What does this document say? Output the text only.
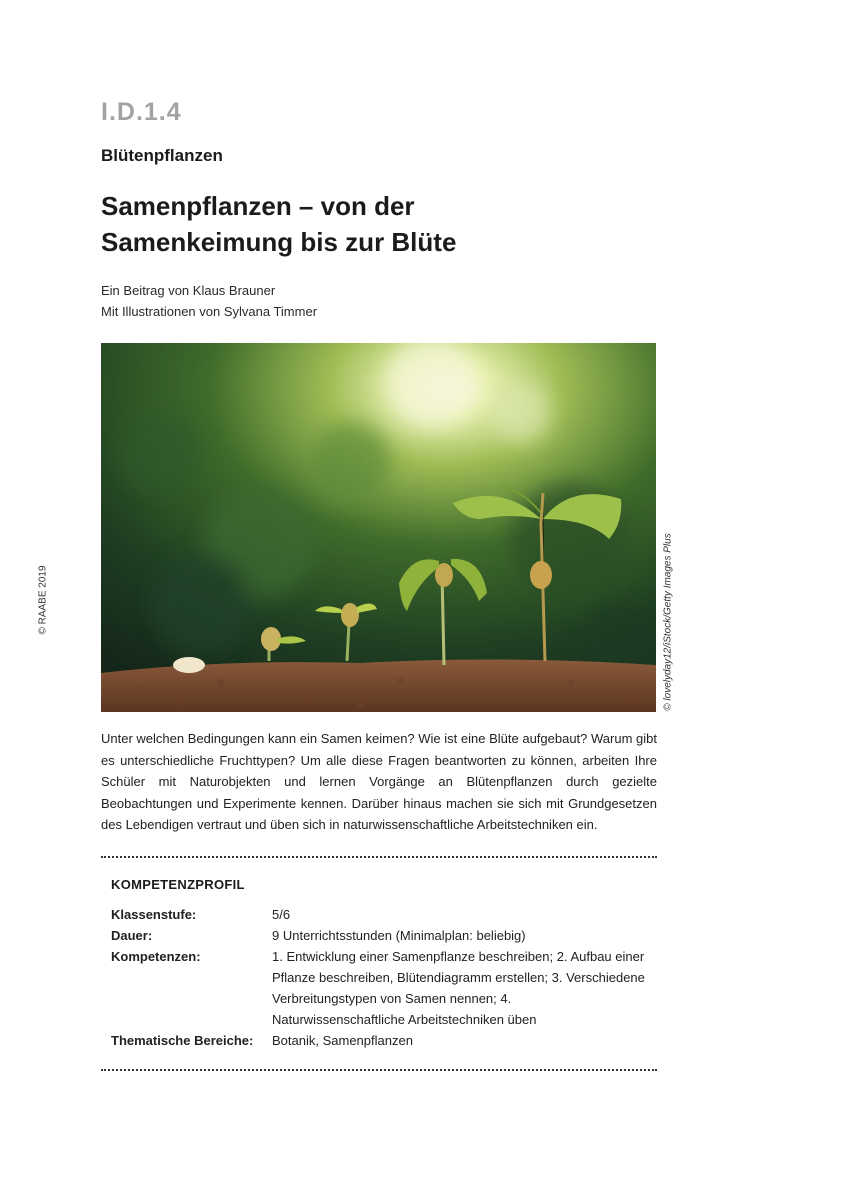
I.D.1.4
Blütenpflanzen
Samenpflanzen – von der
Samenkeimung bis zur Blüte
Ein Beitrag von Klaus Brauner
Mit Illustrationen von Sylvana Timmer
© RAABE 2019	© lovelyday12/iStock/Getty Images Plus
Unter welchen Bedingungen kann ein Samen keimen? Wie ist eine Blüte aufgebaut? Warum gibt es unterschiedliche Fruchttypen? Um alle diese Fragen beantworten zu können, arbeiten Ihre Schüler mit Naturobjekten und lernen Vorgänge an Blütenpflanzen durch gezielte Beobachtungen und Experimente kennen. Darüber hinaus machen sie sich mit Grundgesetzen des Lebendigen vertraut und üben sich in naturwissenschaftliche Arbeitstechniken ein.
KOMPETENZPROFIL
Klassenstufe:	5/6
Dauer:	9 Unterrichtsstunden (Minimalplan: beliebig)
Kompetenzen:	1. Entwicklung einer Samenpflanze beschreiben; 2. Aufbau einer Pflanze beschreiben, Blütendiagramm erstellen; 3. Verschiedene Verbreitungstypen von Samen nennen; 4. Naturwissenschaftliche Arbeitstechniken üben
Thematische Bereiche:	Botanik, Samenpflanzen
